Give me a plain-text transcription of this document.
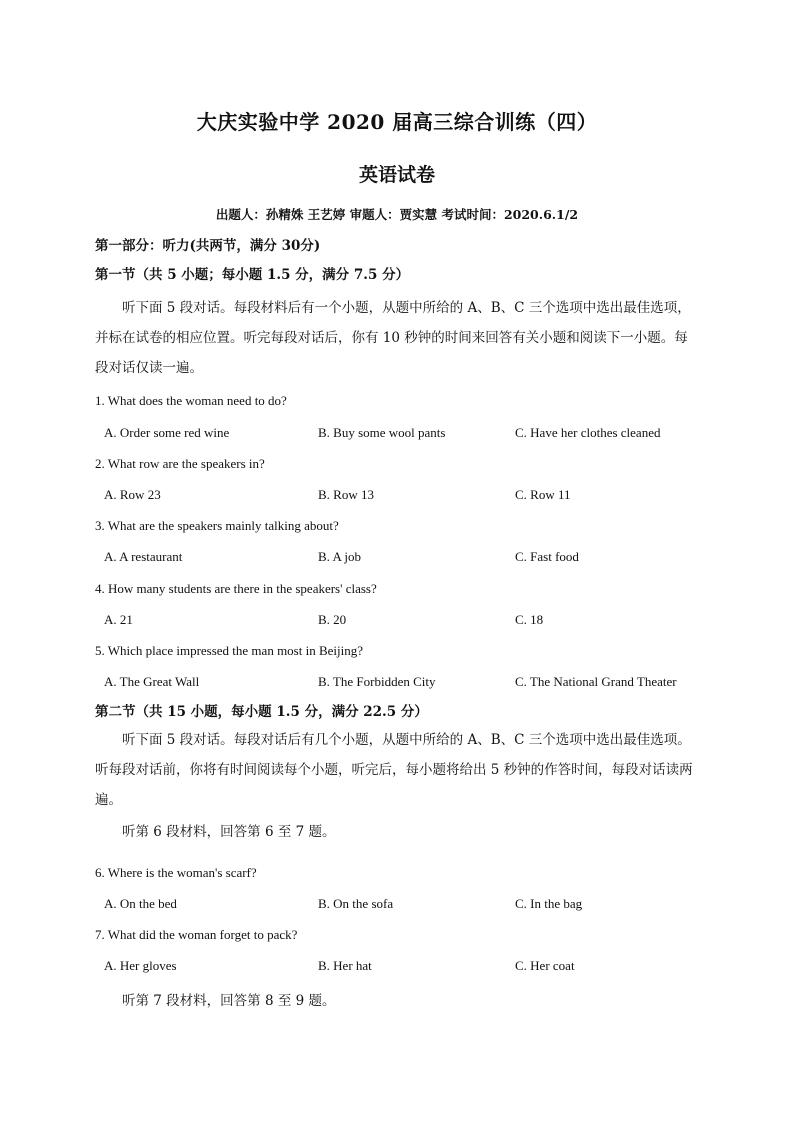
大庆实验中学 2020 届高三综合训练（四）
英语试卷
出题人：孙精姝 王艺婷 审题人：贾实慧 考试时间：2020.6.1/2
第一部分：听力(共两节，满分 30分)
第一节（共 5 小题；每小题 1.5 分，满分 7.5 分）
听下面 5 段对话。每段材料后有一个小题，从题中所给的 A、B、C 三个选项中选出最佳选项，并标在试卷的相应位置。听完每段对话后，你有 10 秒钟的时间来回答有关小题和阅读下一小题。每段对话仅读一遍。
1. What does the woman need to do?
A. Order some red wine	B. Buy some wool pants	C. Have her clothes cleaned
2. What row are the speakers in?
A. Row 23	B. Row 13	C. Row 11
3. What are the speakers mainly talking about?
A. A restaurant	B. A job	C. Fast food
4. How many students are there in the speakers' class?
A. 21	B. 20	C. 18
5. Which place impressed the man most in Beijing?
A. The Great Wall	B. The Forbidden City	C. The National Grand Theater
第二节（共 15 小题，每小题 1.5 分，满分 22.5 分）
听下面 5 段对话。每段对话后有几个小题，从题中所给的 A、B、C 三个选项中选出最佳选项。听每段对话前，你将有时间阅读每个小题，听完后，每小题将给出 5 秒钟的作答时间，每段对话读两遍。
听第 6 段材料，回答第 6 至 7 题。
6. Where is the woman's scarf?
A. On the bed	B. On the sofa	C. In the bag
7. What did the woman forget to pack?
A. Her gloves	B. Her hat	C. Her coat
听第 7 段材料，回答第 8 至 9 题。
